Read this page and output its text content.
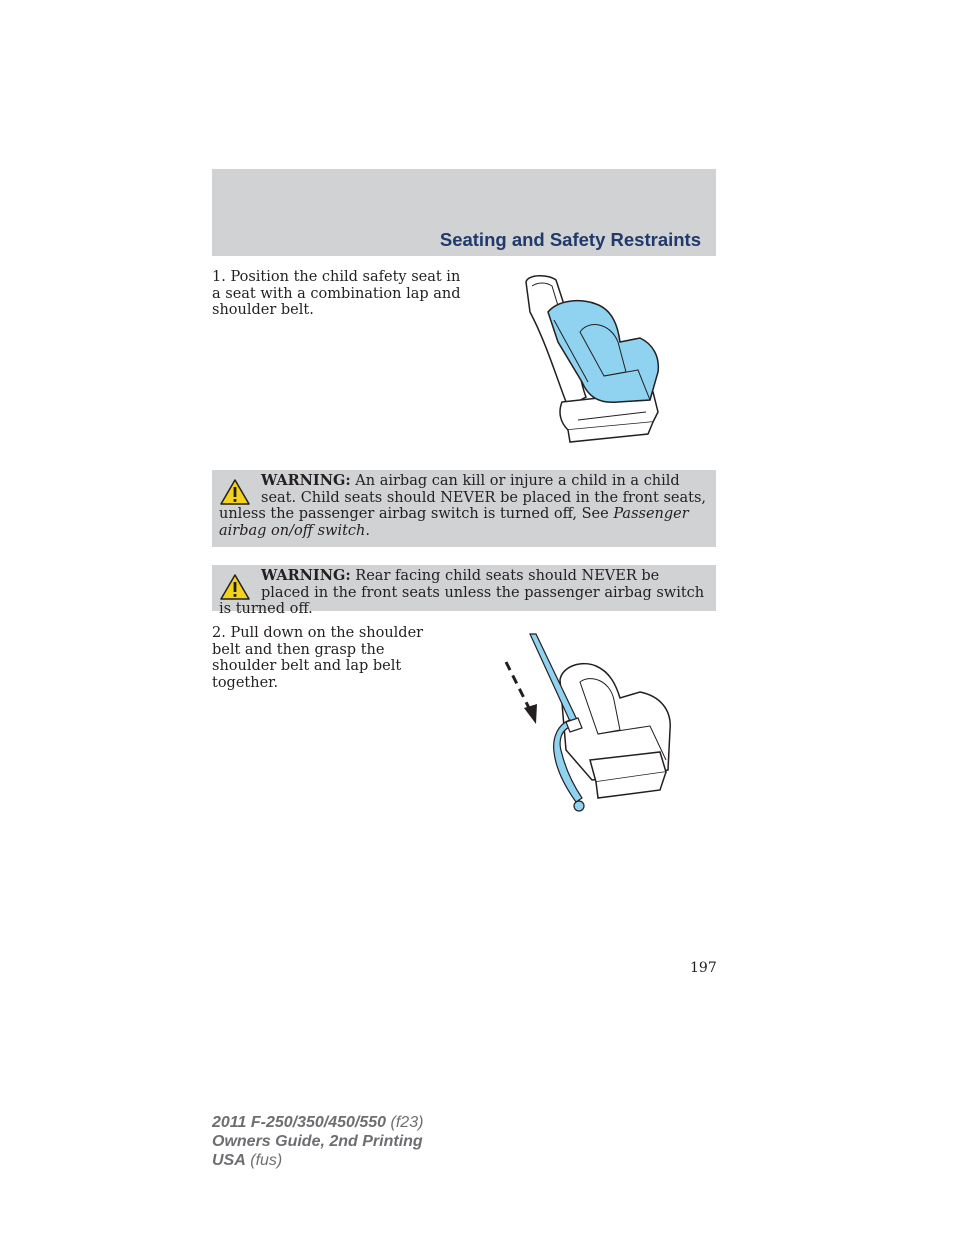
Seating and Safety Restraints

1. Position the child safety seat in a seat with a combination lap and shoulder belt.

WARNING: An airbag can kill or injure a child in a child seat. Child seats should NEVER be placed in the front seats, unless the passenger airbag switch is turned off, See Passenger airbag on/off switch.

WARNING: Rear facing child seats should NEVER be placed in the front seats unless the passenger airbag switch is turned off.

2. Pull down on the shoulder belt and then grasp the shoulder belt and lap belt together.

197

2011 F-250/350/450/550 (f23)
Owners Guide, 2nd Printing
USA (fus)
